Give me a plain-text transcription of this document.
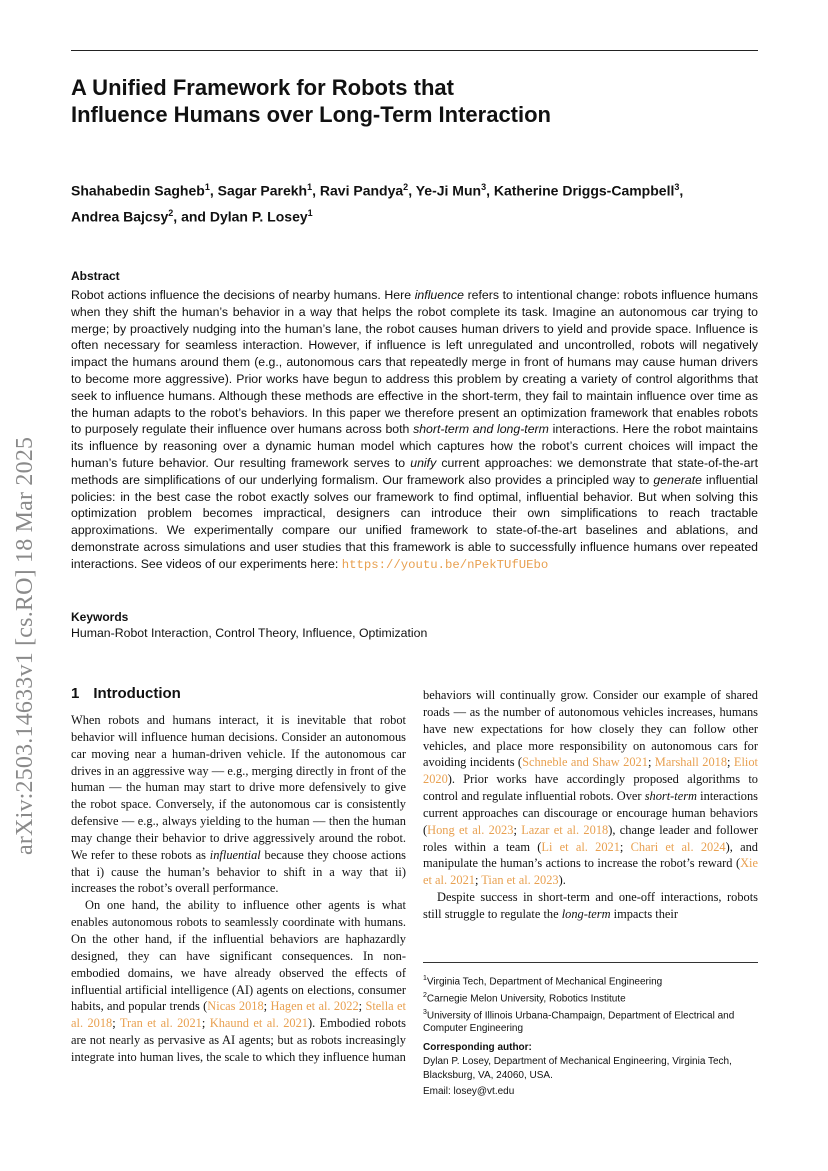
arXiv:2503.14633v1 [cs.RO] 18 Mar 2025
A Unified Framework for Robots that Influence Humans over Long-Term Interaction
Shahabedin Sagheb$^1$, Sagar Parekh$^1$, Ravi Pandya$^2$, Ye-Ji Mun$^3$, Katherine Driggs-Campbell$^3$, Andrea Bajcsy$^2$, and Dylan P. Losey$^1$
Abstract
Robot actions influence the decisions of nearby humans. Here influence refers to intentional change: robots influence humans when they shift the human’s behavior in a way that helps the robot complete its task. Imagine an autonomous car trying to merge; by proactively nudging into the human’s lane, the robot causes human drivers to yield and provide space. Influence is often necessary for seamless interaction. However, if influence is left unregulated and uncontrolled, robots will negatively impact the humans around them (e.g., autonomous cars that repeatedly merge in front of humans may cause human drivers to become more aggressive). Prior works have begun to address this problem by creating a variety of control algorithms that seek to influence humans. Although these methods are effective in the short-term, they fail to maintain influence over time as the human adapts to the robot’s behaviors. In this paper we therefore present an optimization framework that enables robots to purposely regulate their influence over humans across both short-term and long-term interactions. Here the robot maintains its influence by reasoning over a dynamic human model which captures how the robot’s current choices will impact the human’s future behavior. Our resulting framework serves to unify current approaches: we demonstrate that state-of-the-art methods are simplifications of our underlying formalism. Our framework also provides a principled way to generate influential policies: in the best case the robot exactly solves our framework to find optimal, influential behavior. But when solving this optimization problem becomes impractical, designers can introduce their own simplifications to reach tractable approximations. We experimentally compare our unified framework to state-of-the-art baselines and ablations, and demonstrate across simulations and user studies that this framework is able to successfully influence humans over repeated interactions. See videos of our experiments here: https://youtu.be/nPekTUfUEbo
Keywords
Human-Robot Interaction, Control Theory, Influence, Optimization
1 Introduction

When robots and humans interact, it is inevitable that robot behavior will influence human decisions. Consider an autonomous car moving near a human-driven vehicle. If the autonomous car drives in an aggressive way — e.g., merging directly in front of the human — the human may start to drive more defensively to give the robot space. Conversely, if the autonomous car is consistently defensive — e.g., always yielding to the human — then the human may change their behavior to drive aggressively around the robot. We refer to these robots as influential because they choose actions that i) cause the human’s behavior to shift in a way that ii) increases the robot’s overall performance.

On one hand, the ability to influence other agents is what enables autonomous robots to seamlessly coordinate with humans. On the other hand, if the influential behaviors are haphazardly designed, they can have significant consequences. In non-embodied domains, we have already observed the effects of influential artificial intelligence (AI) agents on elections, consumer habits, and popular trends (Nicas 2018; Hagen et al. 2022; Stella et al. 2018; Tran et al. 2021; Khaund et al. 2021). Embodied robots are not nearly as pervasive as AI agents; but as robots increasingly integrate into human lives, the scale to which they influence human

behaviors will continually grow. Consider our example of shared roads — as the number of autonomous vehicles increases, humans have new expectations for how closely they can follow other vehicles, and place more responsibility on autonomous cars for avoiding incidents (Schneble and Shaw 2021; Marshall 2018; Eliot 2020). Prior works have accordingly proposed algorithms to control and regulate influential robots. Over short-term interactions current approaches can discourage or encourage human behaviors (Hong et al. 2023; Lazar et al. 2018), change leader and follower roles within a team (Li et al. 2021; Chari et al. 2024), and manipulate the human’s actions to increase the robot’s reward (Xie et al. 2021; Tian et al. 2023).

Despite success in short-term and one-off interactions, robots still struggle to regulate the long-term impacts their

$^1$Virginia Tech, Department of Mechanical Engineering
$^2$Carnegie Melon University, Robotics Institute
$^3$University of Illinois Urbana-Champaign, Department of Electrical and Computer Engineering
Corresponding author:
Dylan P. Losey, Department of Mechanical Engineering, Virginia Tech, Blacksburg, VA, 24060, USA.
Email: losey@vt.edu
